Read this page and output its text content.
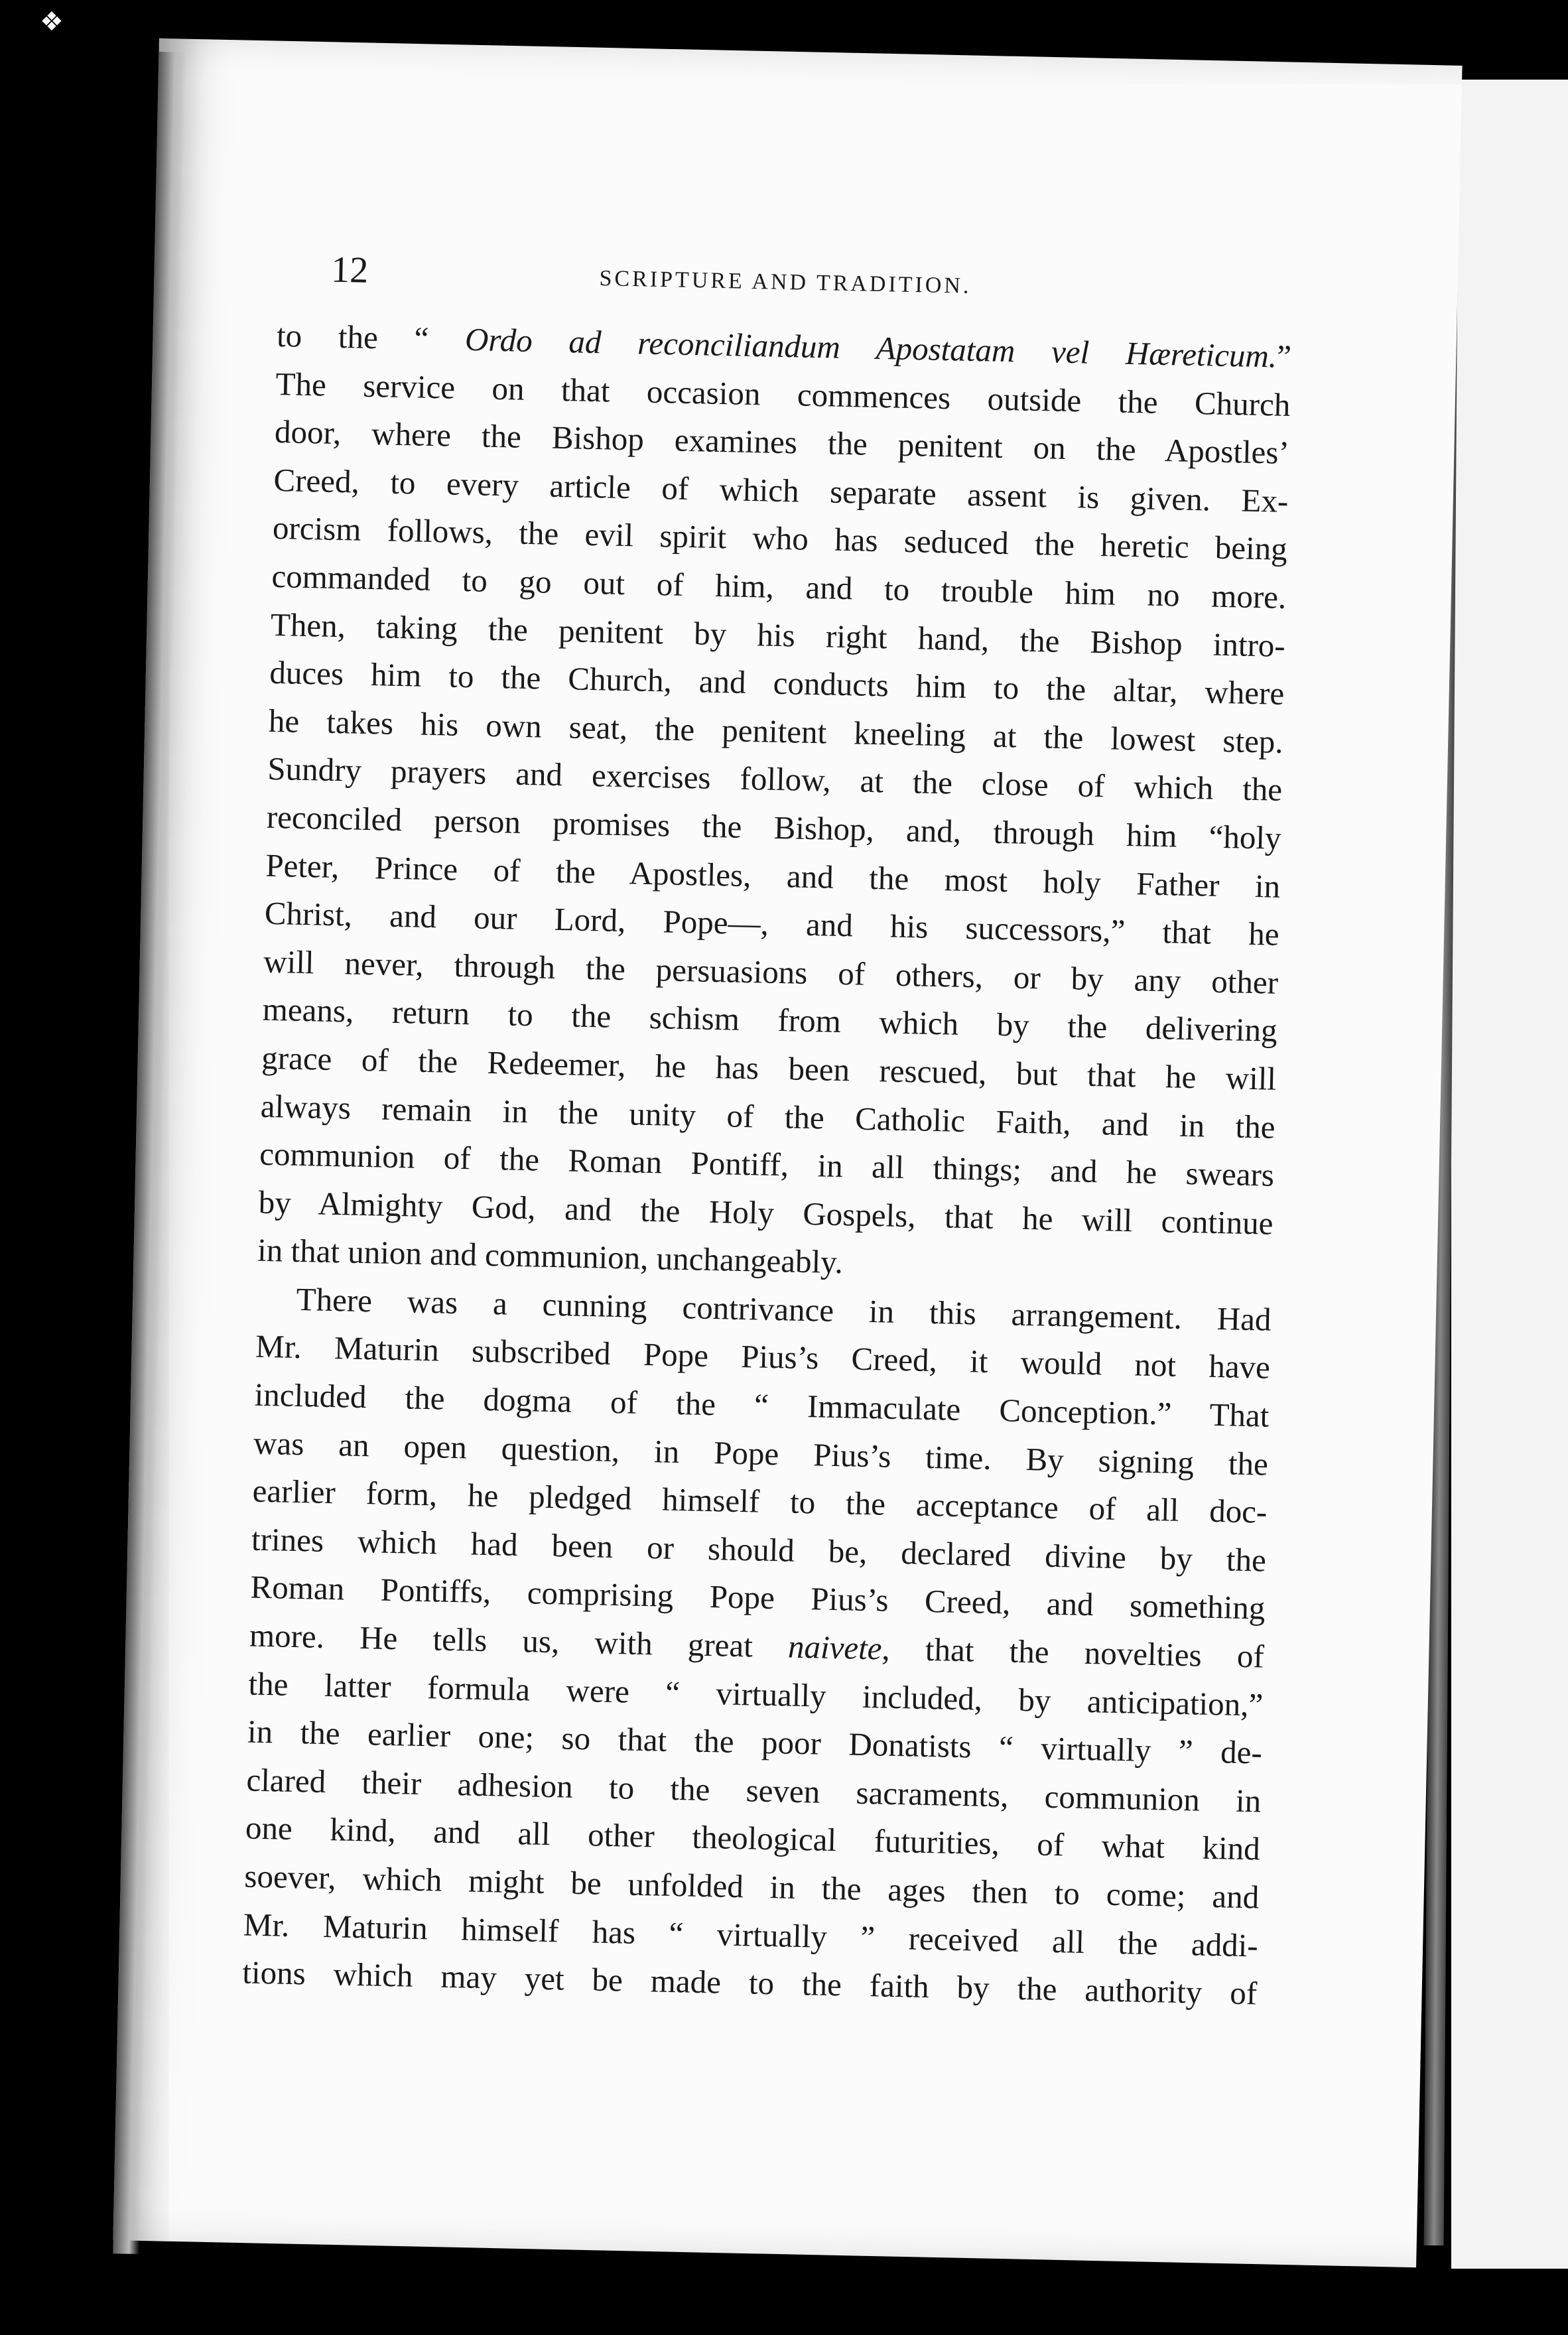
❖
12	SCRIPTURE AND TRADITION.

to the “ Ordo ad reconciliandum Apostatam vel Hæreticum.”
The service on that occasion commences outside the Church
door, where the Bishop examines the penitent on the Apostles’
Creed, to every article of which separate assent is given. Ex-
orcism follows, the evil spirit who has seduced the heretic being
commanded to go out of him, and to trouble him no more.
Then, taking the penitent by his right hand, the Bishop intro-
duces him to the Church, and conducts him to the altar, where
he takes his own seat, the penitent kneeling at the lowest step.
Sundry prayers and exercises follow, at the close of which the
reconciled person promises the Bishop, and, through him “holy
Peter, Prince of the Apostles, and the most holy Father in
Christ, and our Lord, Pope—, and his successors,” that he
will never, through the persuasions of others, or by any other
means, return to the schism from which by the delivering
grace of the Redeemer, he has been rescued, but that he will
always remain in the unity of the Catholic Faith, and in the
communion of the Roman Pontiff, in all things; and he swears
by Almighty God, and the Holy Gospels, that he will continue
in that union and communion, unchangeably.

There was a cunning contrivance in this arrangement. Had
Mr. Maturin subscribed Pope Pius’s Creed, it would not have
included the dogma of the “ Immaculate Conception.” That
was an open question, in Pope Pius’s time. By signing the
earlier form, he pledged himself to the acceptance of all doc-
trines which had been or should be, declared divine by the
Roman Pontiffs, comprising Pope Pius’s Creed, and something
more. He tells us, with great naivete, that the novelties of
the latter formula were “ virtually included, by anticipation,”
in the earlier one; so that the poor Donatists “ virtually ” de-
clared their adhesion to the seven sacraments, communion in
one kind, and all other theological futurities, of what kind
soever, which might be unfolded in the ages then to come; and
Mr. Maturin himself has “ virtually ” received all the addi-
tions which may yet be made to the faith by the authority of
